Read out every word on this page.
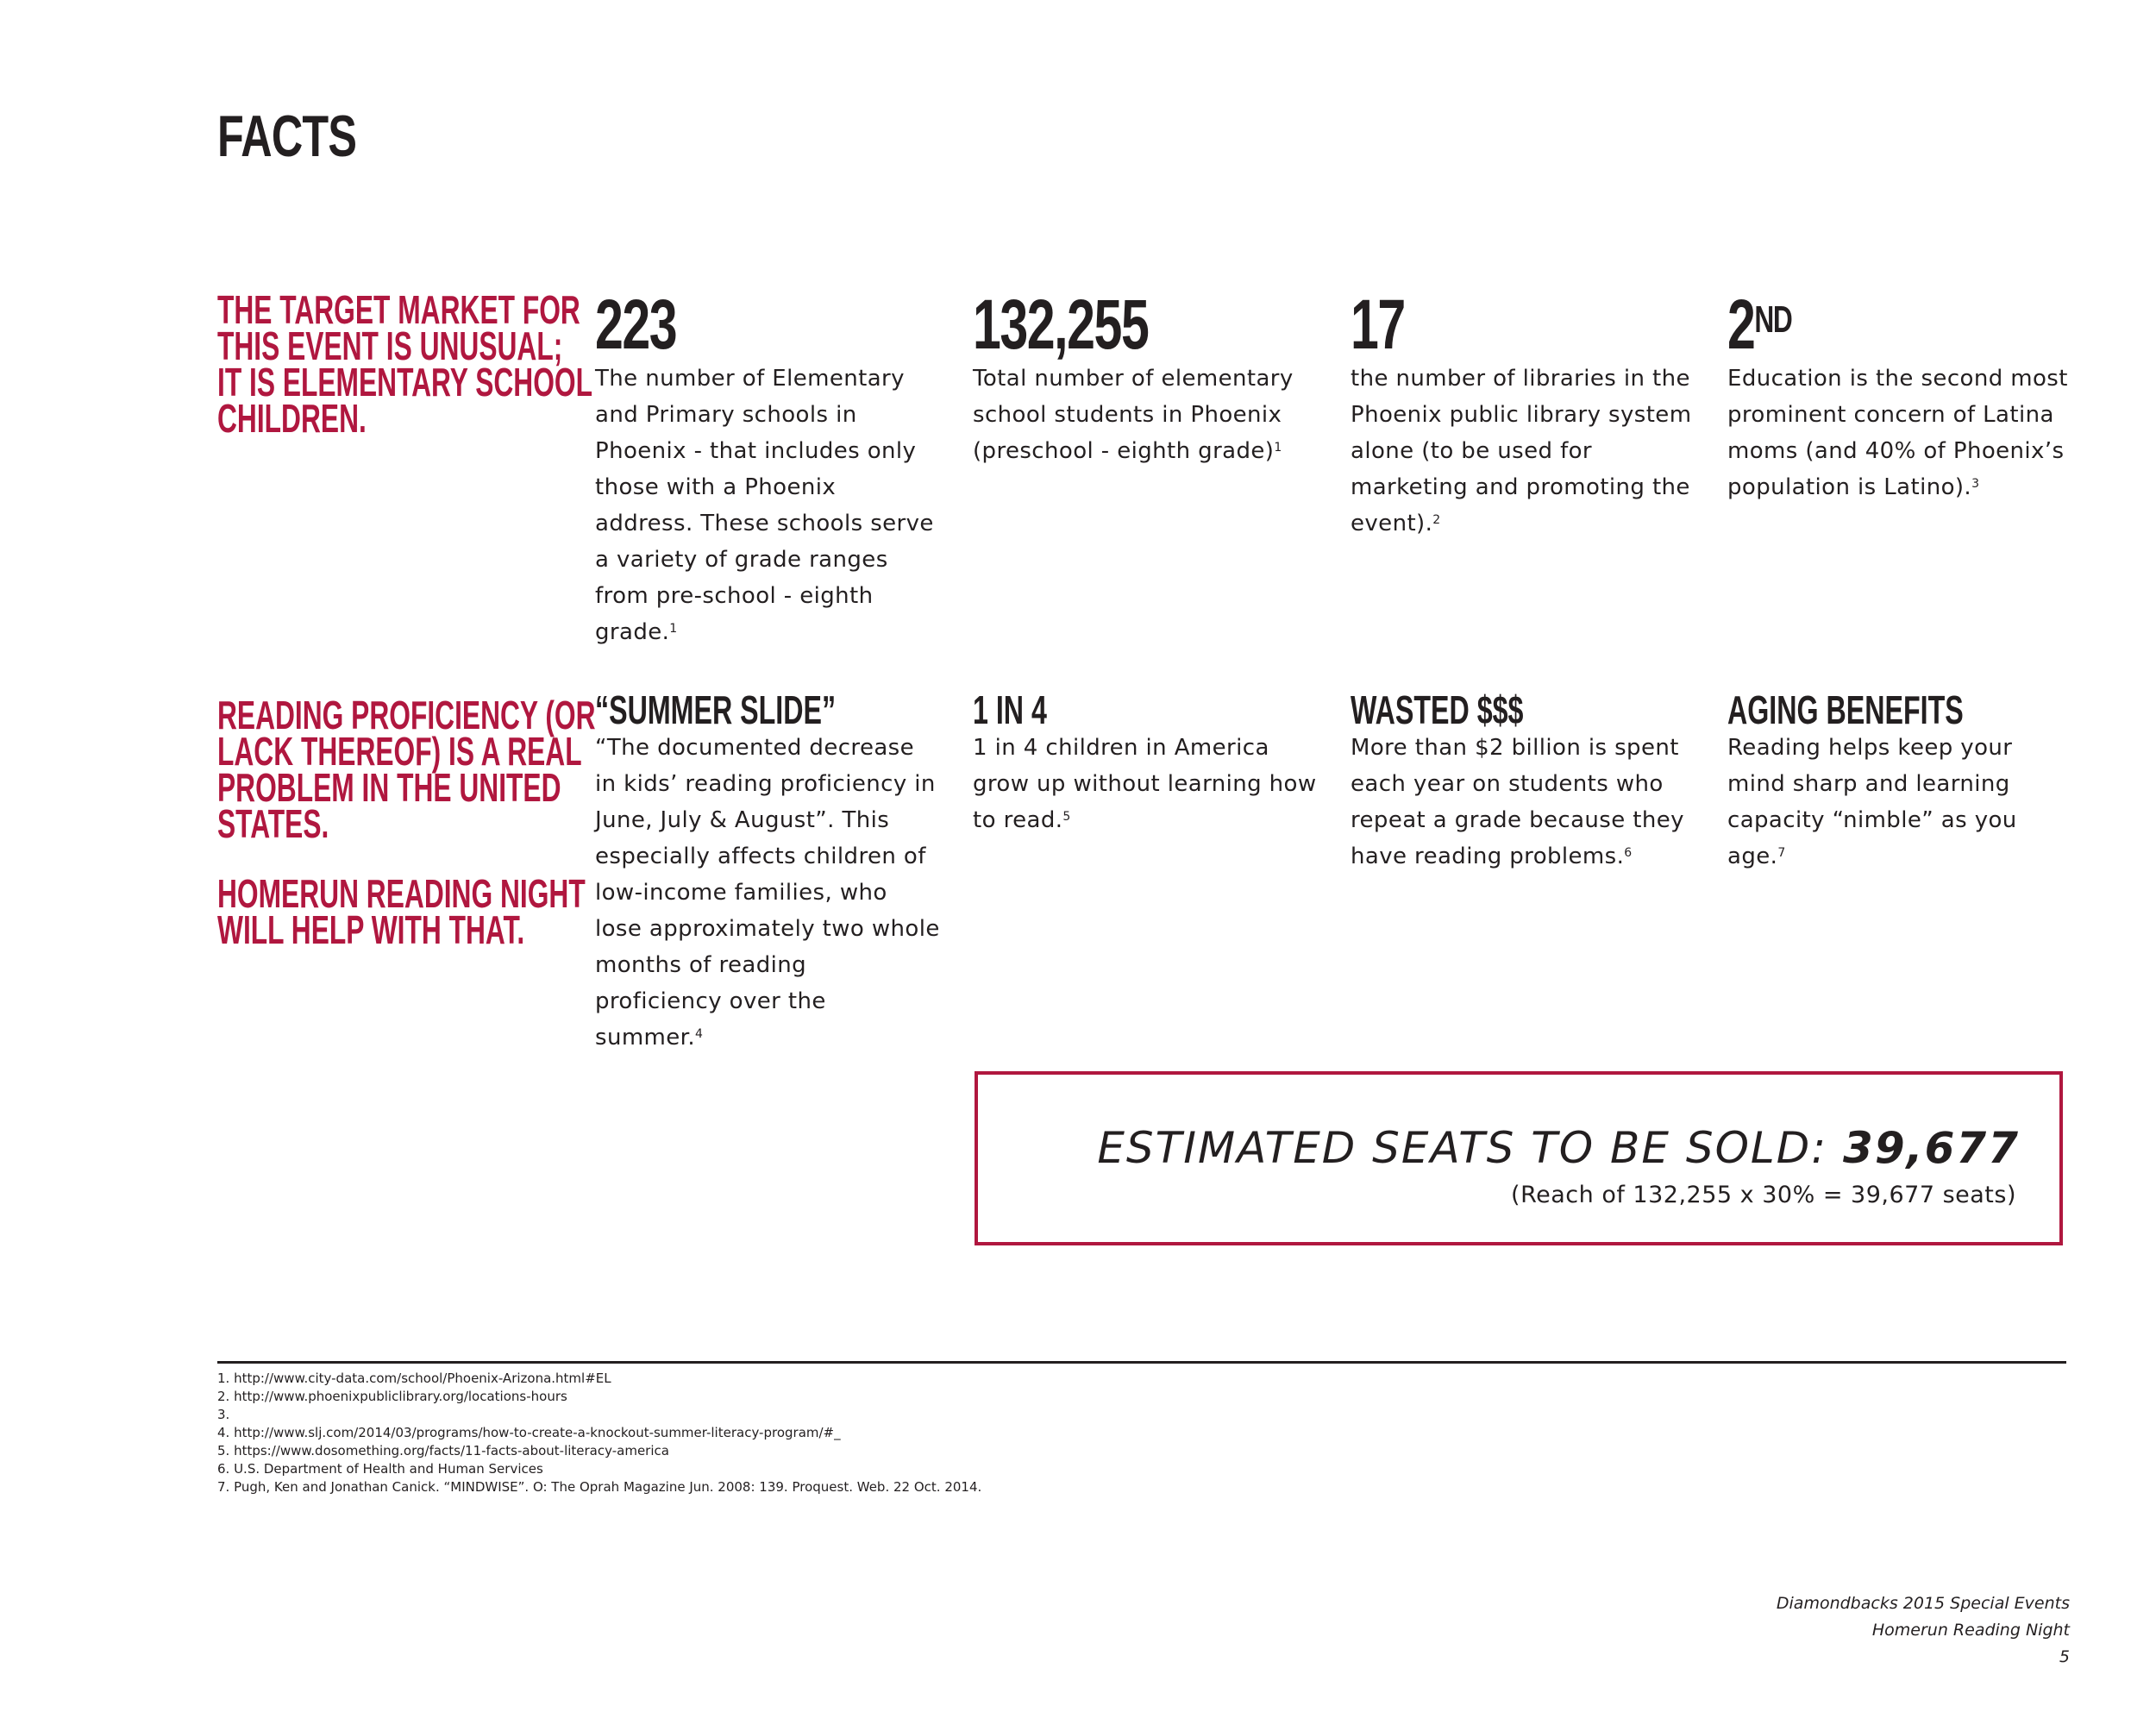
FACTS
THE TARGET MARKET FOR
THIS EVENT IS UNUSUAL;
IT IS ELEMENTARY SCHOOL
CHILDREN.
223
The number of Elementary and Primary schools in Phoenix - that includes only those with a Phoenix address. These schools serve a variety of grade ranges from pre-school - eighth grade.$^1$
132,255
Total number of elementary school students in Phoenix (preschool - eighth grade)$^1$
17
the number of libraries in the Phoenix public library system alone (to be used for marketing and promoting the event).$^2$
2ND
Education is the second most prominent concern of Latina moms (and 40% of Phoenix’s population is Latino).$^3$
READING PROFICIENCY (OR
LACK THEREOF) IS A REAL
PROBLEM IN THE UNITED
STATES.
HOMERUN READING NIGHT
WILL HELP WITH THAT.
“SUMMER SLIDE”
“The documented decrease in kids’ reading proficiency in June, July & August”. This especially affects children of low-income families, who lose approximately two whole months of reading proficiency over the summer.$^4$
1 IN 4
1 in 4 children in America grow up without learning how to read.$^5$
WASTED $$$
More than $2 billion is spent each year on students who repeat a grade because they have reading problems.$^6$
AGING BENEFITS
Reading helps keep your mind sharp and learning capacity “nimble” as you age.$^7$
ESTIMATED SEATS TO BE SOLD: 39,677
(Reach of 132,255 x 30% = 39,677 seats)
1. http://www.city-data.com/school/Phoenix-Arizona.html#EL
2. http://www.phoenixpubliclibrary.org/locations-hours
3.
4. http://www.slj.com/2014/03/programs/how-to-create-a-knockout-summer-literacy-program/#_
5. https://www.dosomething.org/facts/11-facts-about-literacy-america
6. U.S. Department of Health and Human Services
7. Pugh, Ken and Jonathan Canick. “MINDWISE”. O: The Oprah Magazine Jun. 2008: 139. Proquest. Web. 22 Oct. 2014.
Diamondbacks 2015 Special Events
Homerun Reading Night
5
